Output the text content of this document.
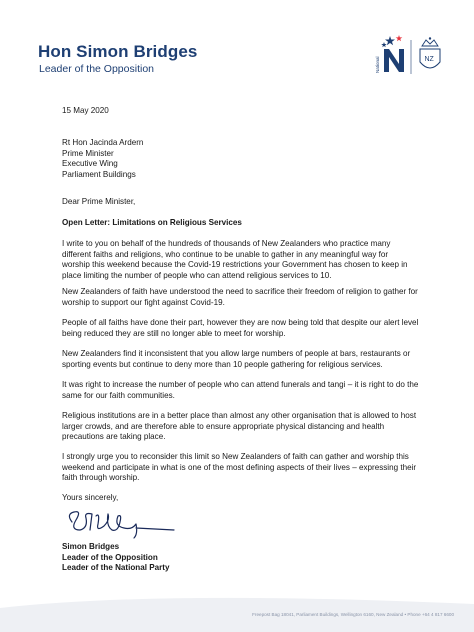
Hon Simon Bridges
Leader of the Opposition	National	NZ
15 May 2020
Rt Hon Jacinda Ardern
Prime Minister
Executive Wing
Parliament Buildings
Dear Prime Minister,
Open Letter: Limitations on Religious Services
I write to you on behalf of the hundreds of thousands of New Zealanders who practice many
different faiths and religions, who continue to be unable to gather in any meaningful way for
worship this weekend because the Covid-19 restrictions your Government has chosen to keep in
place limiting the number of people who can attend religious services to 10.
New Zealanders of faith have understood the need to sacrifice their freedom of religion to gather for
worship to support our fight against Covid-19.
People of all faiths have done their part, however they are now being told that despite our alert level
being reduced they are still no longer able to meet for worship.
New Zealanders find it inconsistent that you allow large numbers of people at bars, restaurants or
sporting events but continue to deny more than 10 people gathering for religious services.
It was right to increase the number of people who can attend funerals and tangi – it is right to do the
same for our faith communities.
Religious institutions are in a better place than almost any other organisation that is allowed to host
larger crowds, and are therefore able to ensure appropriate physical distancing and health
precautions are taking place.
I strongly urge you to reconsider this limit so New Zealanders of faith can gather and worship this
weekend and participate in what is one of the most defining aspects of their lives – expressing their
faith through worship.
Yours sincerely,
Simon Bridges
Leader of the Opposition
Leader of the National Party
Freepost Bag 18041, Parliament Buildings, Wellington 6160, New Zealand • Phone +64 4 817 6600
